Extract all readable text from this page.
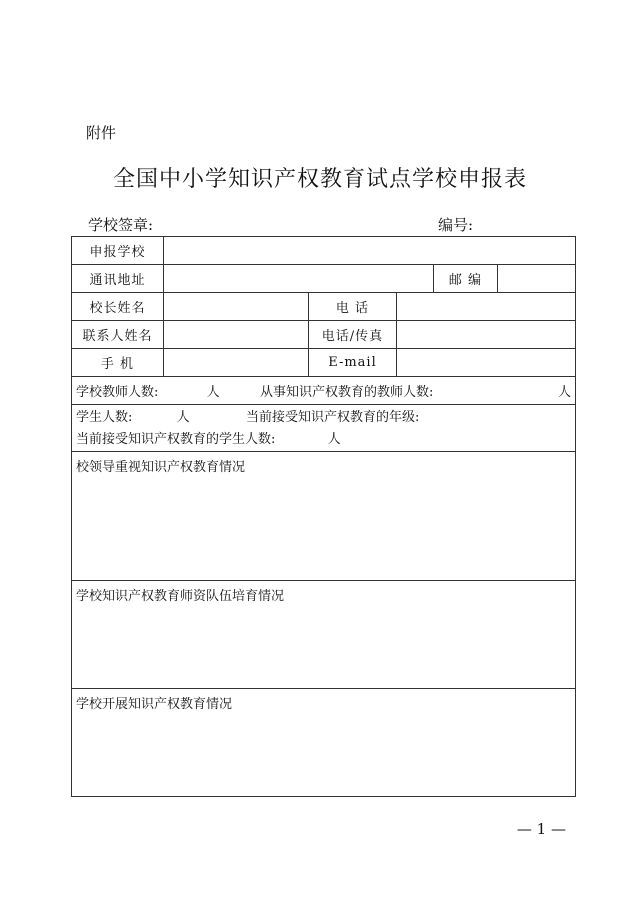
附件
全国中小学知识产权教育试点学校申报表
学校签章:	编号:
申报学校					
通讯地址				邮 编	
校长姓名		电 话			
联系人姓名		电话/传真			
手 机		E-mail			
学校教师人数: 人 从事知识产权教育的教师人数: 人					

学生人数: 人 当前接受知识产权教育的年级:
当前接受知识产权教育的学生人数: 人					

校领导重视知识产权教育情况					
学校知识产权教育师资队伍培育情况					
学校开展知识产权教育情况					
— 1 —
